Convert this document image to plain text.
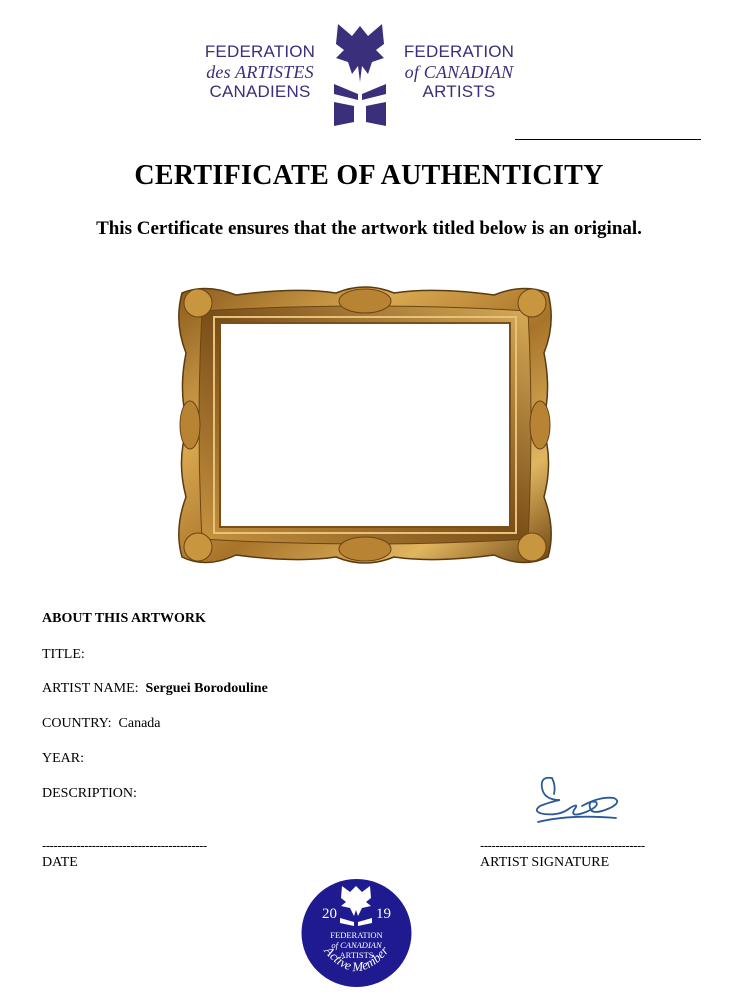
FEDERATION
des ARTISTES
CANADIENS
FEDERATION
of CANADIAN
ARTISTS
CERTIFICATE OF AUTHENTICITY
This Certificate ensures that the artwork titled below is an original.
ABOUT THIS ARTWORK
TITLE:
ARTIST NAME: Serguei Borodouline
COUNTRY: Canada
YEAR:
DESCRIPTION:
-------------------------------------------	-------------------------------------------
DATE	ARTIST SIGNATURE
20	19
FEDERATION
of CANADIAN
ARTISTS
Active Member
